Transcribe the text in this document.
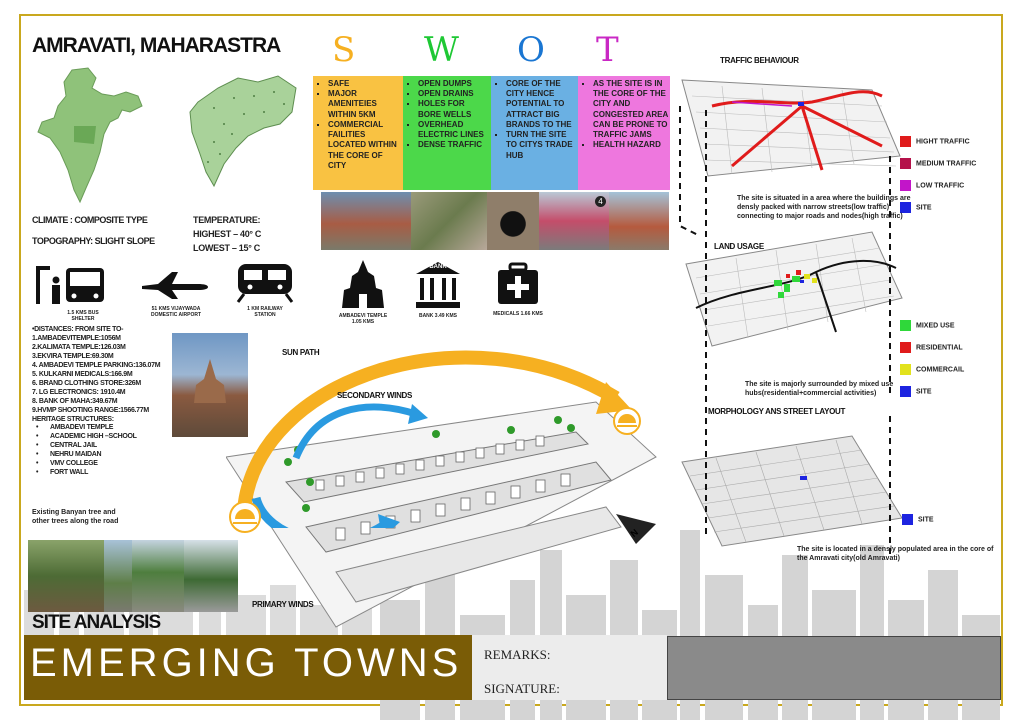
AMRAVATI, MAHARASTRA S W O T
▪ SAFE
▪ MAJOR AMENITEIES WITHIN 5KM
▪ COMMERCIAL FAILITIES LOCATED WITHIN THE CORE OF CITY
▪ OPEN DUMPS
▪ OPEN DRAINS
▪ HOLES FOR BORE WELLS
▪ OVERHEAD ELECTRIC LINES
▪ DENSE TRAFFIC
▪ CORE OF THE CITY HENCE POTENTIAL TO ATTRACT BIG BRANDS TO THE
▪ TURN THE SITE TO CITYS TRADE HUB
▪ AS THE SITE IS IN THE CORE OF THE CITY AND CONGESTED AREA CAN BE PRONE TO TRAFFIC JAMS
▪ HEALTH HAZARD
4
CLIMATE : COMPOSITE TYPE
TOPOGRAPHY: SLIGHT SLOPE
TEMPERATURE:
HIGHEST – 40° C
LOWEST – 15° C
1.5 KMS BUS SHELTER
51 KMS VIJAYWADA DOMESTIC AIRPORT
1 KM RAILWAY STATION	AMBADEVI TEMPLE 1.05 KMS
BANK
BANK 3.49 KMS	MEDICALS 1.66 KMS
•DISTANCES: FROM SITE TO-
1.AMBADEVITEMPLE:1056M
2.KALIMATA TEMPLE:126.03M
3.EKVIRA TEMPLE:69.30M
4. AMBADEVI TEMPLE PARKING:136.07M
5. KULKARNI MEDICALS:166.9M
6. BRAND CLOTHING STORE:326M
7. LG ELECTRONICS: 1910.4M
8. BANK OF MAHA:349.67M
9.HVMP SHOOTING RANGE:1566.77M
HERITAGE STRUCTURES:
• AMBADEVI TEMPLE
• ACADEMIC HIGH –SCHOOL
• CENTRAL JAIL
• NEHRU MAIDAN
• VMV COLLEGE
• FORT WALL
Existing Banyan tree and other trees along the road
N
SUN PATH
SECONDARY WINDS
PRIMARY WINDS
TRAFFIC BEHAVIOUR
HIGHT TRAFFIC
MEDIUM TRAFFIC
LOW TRAFFIC
SITE
The site is situated in a area where the buildings are densly packed with narrow streets(low traffic) connecting to major roads and nodes(high traffic)
LAND USAGE
MIXED USE
RESIDENTIAL
COMMERCAIL
SITE
The site is majorly surrounded by mixed use hubs(residential+commercial activities)
MORPHOLOGY ANS STREET LAYOUT
SITE
The site is located in a densly populated area in the core of the Amravati city(old Amravati)
SITE ANALYSIS
EMERGING TOWNS	REMARKS:
SIGNATURE:
